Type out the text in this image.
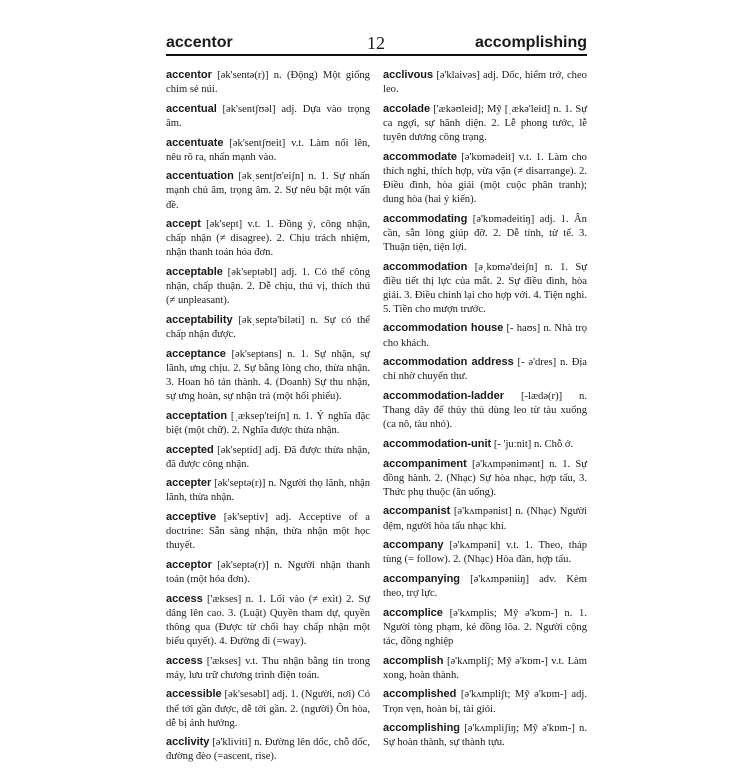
accentor	12	accomplishing

accentor [ək'sentə(r)] n. (Động) Một giống chim sẻ núi.

accentual [ək'sentʃʊəl] adj. Dựa vào trọng âm.

accentuate [ək'sentʃʊeit] v.t. Làm nổi lên, nêu rõ ra, nhấn mạnh vào.

accentuation [əkˌsentʃʊ'eiʃn] n. 1. Sự nhấn mạnh chủ âm, trọng âm. 2. Sự nêu bật một vấn đề.

accept [ək'sept] v.t. 1. Đồng ý, công nhận, chấp nhận (≠ disagree). 2. Chịu trách nhiệm, nhận thanh toán hóa đơn.

acceptable [ək'septəbl] adj. 1. Có thể công nhận, chấp thuận. 2. Dễ chịu, thú vị, thích thú (≠ unpleasant).

acceptability [əkˌseptə'biləti] n. Sự có thể chấp nhận được.

acceptance [ək'septəns] n. 1. Sự nhận, sự lãnh, ưng chịu. 2. Sự bằng lòng cho, thừa nhận. 3. Hoan hô tán thành. 4. (Doanh) Sự thu nhận, sự ưng hoàn, sự nhận trả (một hối phiếu).

acceptation [ˌæksep'teiʃn] n. 1. Ý nghĩa đặc biệt (một chữ). 2. Nghĩa được thừa nhận.

accepted [ək'septid] adj. Đã được thừa nhận, đã được công nhận.

accepter [ək'septə(r)] n. Người thọ lãnh, nhận lãnh, thừa nhận.

acceptive [ək'septiv] adj. Acceptive of a doctrine: Sẵn sàng nhận, thừa nhận một học thuyết.

acceptor [ək'septə(r)] n. Người nhận thanh toán (một hóa đơn).

access ['ækses] n. 1. Lối vào (≠ exit) 2. Sự dâng lên cao. 3. (Luật) Quyền tham dự, quyền thông qua (Được từ chối hay chấp nhận một biểu quyết). 4. Đường đi (=way).

access ['ækses] v.t. Thu nhận bằng tin trong máy, lưu trữ chương trình điện toán.

accessible [ək'sesəbl] adj. 1. (Người, nơi) Có thể tới gần được, dễ tới gần. 2. (người) Ôn hòa, dễ bị ảnh hưởng.

acclivity [ə'kliviti] n. Đường lên dốc, chỗ dốc, đường đèo (=ascent, rise).

acclivous [ə'klaivəs] adj. Dốc, hiểm trở, cheo leo.

accolade ['ækəʊleid]; Mỹ [ˌækə'leid] n. 1. Sự ca ngợi, sự hãnh diện. 2. Lễ phong tước, lễ tuyên dương công trạng.

accommodate [ə'kɒmədeit] v.t. 1. Làm cho thích nghi, thích hợp, vừa vặn (≠ disarrange). 2. Điều đình, hòa giải (một cuộc phân tranh); dung hòa (hai ý kiến).

accommodating [ə'kɒmədeitiŋ] adj. 1. Ân cần, sẵn lòng giúp đỡ. 2. Dễ tính, tử tế. 3. Thuận tiện, tiện lợi.

accommodation [əˌkɒmə'deiʃn] n. 1. Sự điều tiết thị lực của mắt. 2. Sự điều đình, hòa giải. 3. Điều chỉnh lại cho hợp với. 4. Tiện nghi. 5. Tiền cho mượn trước.

accommodation house [- haʊs] n. Nhà trọ cho khách.

accommodation address [- ə'dres] n. Địa chỉ nhờ chuyển thư.

accommodation-ladder [-lædə(r)] n. Thang dây để thủy thủ dùng leo từ tàu xuống (ca nô, tàu nhỏ).

accommodation-unit [- 'juːnit] n. Chỗ ở.

accompaniment [ə'kʌmpənimənt] n. 1. Sự đồng hành. 2. (Nhạc) Sự hòa nhạc, hợp tấu, 3. Thức phụ thuộc (ăn uống).

accompanist [ə'kʌmpənist] n. (Nhạc) Người đệm, người hòa tấu nhạc khí.

accompany [ə'kʌmpəni] v.t. 1. Theo, tháp tùng (= follow). 2. (Nhạc) Hòa đàn, hợp tấu.

accompanying [ə'kʌmpəniiŋ] adv. Kèm theo, trợ lực.

accomplice [ə'kʌmplis; Mỹ ə'kɒm-] n. 1. Người tòng phạm, kẻ đồng lõa. 2. Người cộng tác, đồng nghiệp

accomplish [ə'kʌmpliʃ; Mỹ ə'kɒm-] v.t. Làm xong, hoàn thành.

accomplished [ə'kʌmpliʃt; Mỹ ə'kɒm-] adj. Trọn vẹn, hoàn bị, tài giỏi.

accomplishing [ə'kʌmpliʃiŋ; Mỹ ə'kɒm-] n. Sự hoàn thành, sự thành tựu.
